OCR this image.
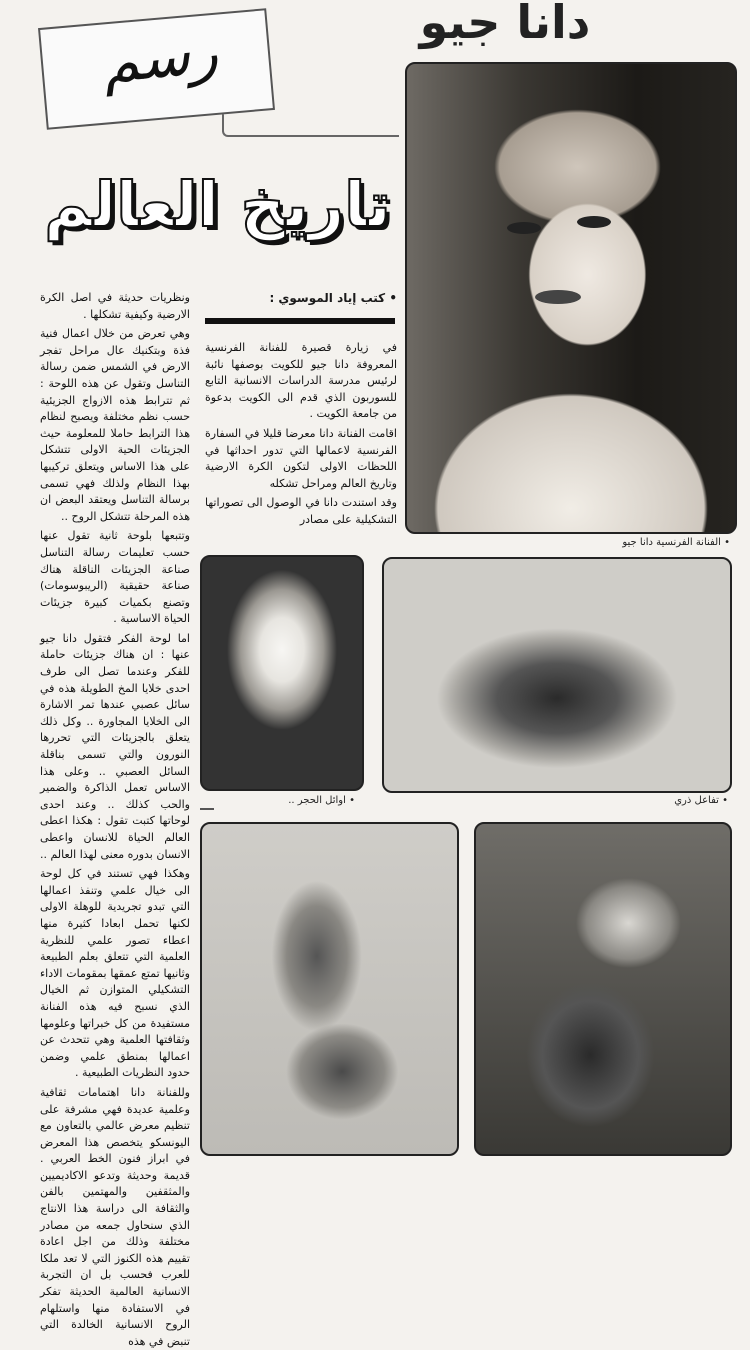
دانا جيو
رسم
تاريخ العالم
• الفنانة الفرنسية دانا جيو
• كتب إياد الموسوي :

في زيارة قصيرة للفنانة الفرنسية المعروفة دانا جيو للكويت بوصفها نائبة لرئيس مدرسة الدراسات الانسانية التابع للسوربون الذي قدم الى الكويت بدعوة من جامعة الكويت .

اقامت الفنانة دانا معرضا قليلا في السفارة الفرنسية لاعمالها التي تدور احداثها في اللحظات الاولى لتكون الكرة الارضية وتاريخ العالم ومراحل تشكله

وقد استندت دانا في الوصول الى تصوراتها التشكيلية على مصادر

ونظريات حديثة في اصل الكرة الارضية وكيفية تشكلها .

وهي تعرض من خلال اعمال فنية فذة وبتكنيك عال مراحل تفجر الارض في الشمس ضمن رسالة التناسل وتقول عن هذه اللوحة : ثم تترابط هذه الازواج الجزيئية حسب نظم مختلفة ويصبح لنظام هذا الترابط حاملا للمعلومة حيث الجزيئات الحية الاولى تتشكل على هذا الاساس ويتعلق تركيبها بهذا النظام ولذلك فهي تسمى برسالة التناسل ويعتقد البعض ان هذه المرحلة تتشكل الروح ..

وتتبعها بلوحة ثانية تقول عنها حسب تعليمات رسالة التناسل صناعة الجزيئات الناقلة هناك صناعة حقيقية (الريبوسومات) وتصنع بكميات كبيرة جزيئات الحياة الاساسية .

اما لوحة الفكر فتقول دانا جيو عنها : ان هناك جزيئات حاملة للفكر وعندما تصل الى طرف احدى خلايا المخ الطويلة هذه في سائل عصبي عندها تمر الاشارة الى الخلايا المجاورة .. وكل ذلك يتعلق بالجزيئات التي تحررها النورون والتي تسمى بناقلة السائل العصبي .. وعلى هذا الاساس تعمل الذاكرة والضمير والحب كذلك .. وعند احدى لوحاتها كتبت تقول : هكذا اعطى العالم الحياة للانسان واعطى الانسان بدوره معنى لهذا العالم ..

وهكذا فهي تستند في كل لوحة الى خيال علمي وتنفذ اعمالها التي تبدو تجريدية للوهلة الاولى لكنها تحمل ابعادا كثيرة منها اعطاء تصور علمي للنظرية العلمية التي تتعلق بعلم الطبيعة وثانيها تمتع عمقها بمقومات الاداء التشكيلي المتوازن ثم الخيال الذي نسبح فيه هذه الفنانة مستفيدة من كل خبراتها وعلومها وثقافتها العلمية وهي تتحدث عن اعمالها بمنطق علمي وضمن حدود النظريات الطبيعية .

وللفنانة دانا اهتمامات ثقافية وعلمية عديدة فهي مشرفة على تنظيم معرض عالمي بالتعاون مع اليونسكو يتخصص هذا المعرض في ابراز فنون الخط العربي . قديمة وحديثة وتدعو الاكاديميين والمثقفين والمهتمين بالفن والثقافة الى دراسة هذا الانتاج الذي سنحاول جمعه من مصادر مختلفة وذلك من اجل اعادة تقييم هذه الكنوز التي لا تعد ملكا للعرب فحسب بل ان التجربة الانسانية العالمية الحديثة تفكر في الاستفادة منها واستلهام الروح الانسانية الخالدة التي تنبض في هذه

• اوائل الحجر ..	• تفاعل ذري
